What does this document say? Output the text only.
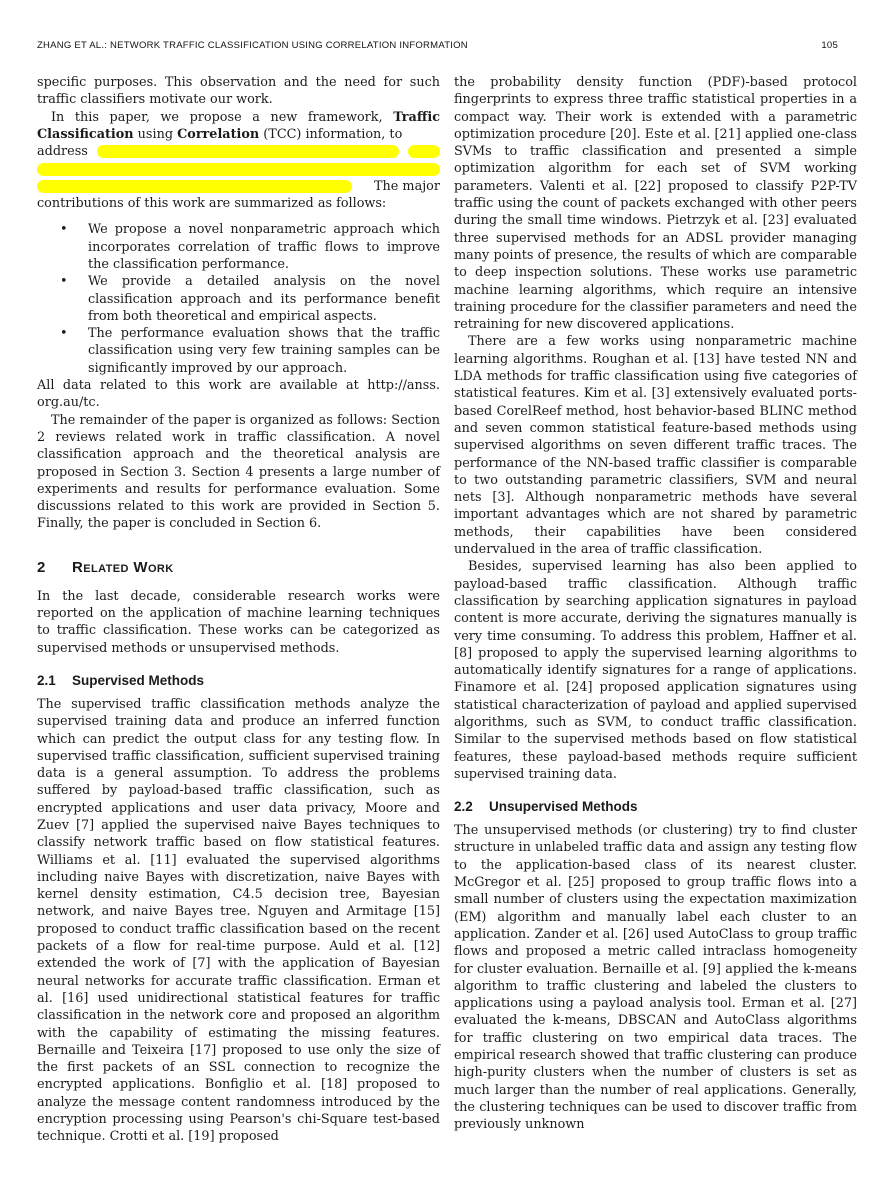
ZHANG ET AL.: NETWORK TRAFFIC CLASSIFICATION USING CORRELATION INFORMATION	105

specific purposes. This observation and the need for such traffic classifiers motivate our work.

In this paper, we propose a new framework, Traffic Classification using Correlation (TCC) information, to

address
The major

contributions of this work are summarized as follows:

•	We propose a novel nonparametric approach which incorporates correlation of traffic flows to improve the classification performance.
•	We provide a detailed analysis on the novel classification approach and its performance benefit from both theoretical and empirical aspects.
•	The performance evaluation shows that the traffic classification using very few training samples can be significantly improved by our approach.

All data related to this work are available at http://anss. org.au/tc.

The remainder of the paper is organized as follows: Section 2 reviews related work in traffic classification. A novel classification approach and the theoretical analysis are proposed in Section 3. Section 4 presents a large number of experiments and results for performance evaluation. Some discussions related to this work are provided in Section 5. Finally, the paper is concluded in Section 6.

2	Related Work

In the last decade, considerable research works were reported on the application of machine learning techniques to traffic classification. These works can be categorized as supervised methods or unsupervised methods.

2.1	Supervised Methods

The supervised traffic classification methods analyze the supervised training data and produce an inferred function which can predict the output class for any testing flow. In supervised traffic classification, sufficient supervised training data is a general assumption. To address the problems suffered by payload-based traffic classification, such as encrypted applications and user data privacy, Moore and Zuev [7] applied the supervised naive Bayes techniques to classify network traffic based on flow statistical features. Williams et al. [11] evaluated the supervised algorithms including naive Bayes with discretization, naive Bayes with kernel density estimation, C4.5 decision tree, Bayesian network, and naive Bayes tree. Nguyen and Armitage [15] proposed to conduct traffic classification based on the recent packets of a flow for real-time purpose. Auld et al. [12] extended the work of [7] with the application of Bayesian neural networks for accurate traffic classification. Erman et al. [16] used unidirectional statistical features for traffic classification in the network core and proposed an algorithm with the capability of estimating the missing features. Bernaille and Teixeira [17] proposed to use only the size of the first packets of an SSL connection to recognize the encrypted applications. Bonfiglio et al. [18] proposed to analyze the message content randomness introduced by the encryption processing using Pearson's chi-Square test-based technique. Crotti et al. [19] proposed

the probability density function (PDF)-based protocol fingerprints to express three traffic statistical properties in a compact way. Their work is extended with a parametric optimization procedure [20]. Este et al. [21] applied one-class SVMs to traffic classification and presented a simple optimization algorithm for each set of SVM working parameters. Valenti et al. [22] proposed to classify P2P-TV traffic using the count of packets exchanged with other peers during the small time windows. Pietrzyk et al. [23] evaluated three supervised methods for an ADSL provider managing many points of presence, the results of which are comparable to deep inspection solutions. These works use parametric machine learning algorithms, which require an intensive training procedure for the classifier parameters and need the retraining for new discovered applications.

There are a few works using nonparametric machine learning algorithms. Roughan et al. [13] have tested NN and LDA methods for traffic classification using five categories of statistical features. Kim et al. [3] extensively evaluated ports-based CorelReef method, host behavior-based BLINC method and seven common statistical feature-based methods using supervised algorithms on seven different traffic traces. The performance of the NN-based traffic classifier is comparable to two outstanding parametric classifiers, SVM and neural nets [3]. Although nonparametric methods have several important advantages which are not shared by parametric methods, their capabilities have been considered undervalued in the area of traffic classification.

Besides, supervised learning has also been applied to payload-based traffic classification. Although traffic classification by searching application signatures in payload content is more accurate, deriving the signatures manually is very time consuming. To address this problem, Haffner et al. [8] proposed to apply the supervised learning algorithms to automatically identify signatures for a range of applications. Finamore et al. [24] proposed application signatures using statistical characterization of payload and applied supervised algorithms, such as SVM, to conduct traffic classification. Similar to the supervised methods based on flow statistical features, these payload-based methods require sufficient supervised training data.

2.2	Unsupervised Methods

The unsupervised methods (or clustering) try to find cluster structure in unlabeled traffic data and assign any testing flow to the application-based class of its nearest cluster. McGregor et al. [25] proposed to group traffic flows into a small number of clusters using the expectation maximization (EM) algorithm and manually label each cluster to an application. Zander et al. [26] used AutoClass to group traffic flows and proposed a metric called intraclass homogeneity for cluster evaluation. Bernaille et al. [9] applied the k-means algorithm to traffic clustering and labeled the clusters to applications using a payload analysis tool. Erman et al. [27] evaluated the k-means, DBSCAN and AutoClass algorithms for traffic clustering on two empirical data traces. The empirical research showed that traffic clustering can produce high-purity clusters when the number of clusters is set as much larger than the number of real applications. Generally, the clustering techniques can be used to discover traffic from previously unknown
